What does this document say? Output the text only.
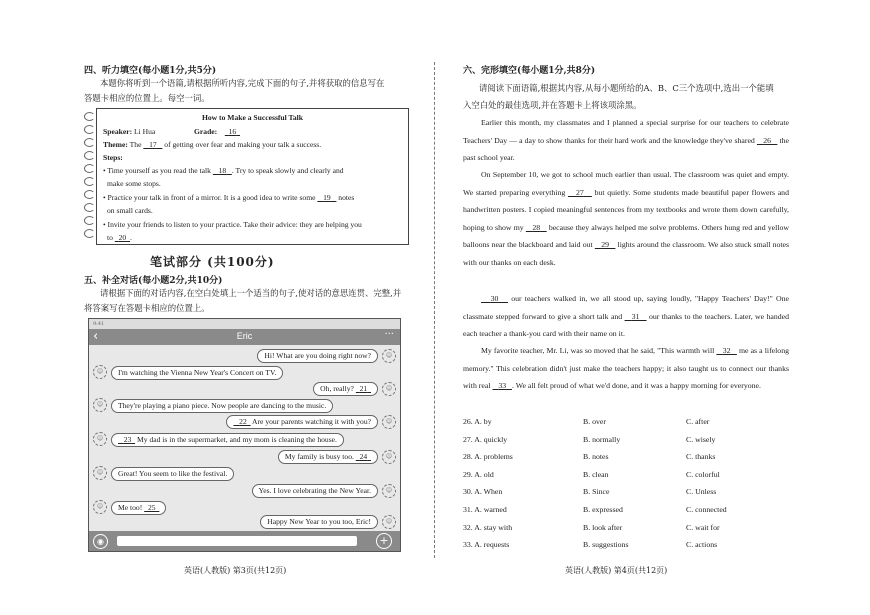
四、听力填空(每小题1分,共5分)
本题你将听到一个语篇,请根据所听内容,完成下面的句子,并将获取的信息写在
答题卡相应的位置上。每空一词。
How to Make a Successful Talk
Speaker: Li Hua	Grade: 16
Theme: The 17 of getting over fear and making your talk a success.
Steps:
• Time yourself as you read the talk 18 . Try to speak slowly and clearly and
make some stops.
• Practice your talk in front of a mirror. It is a good idea to write some 19 notes
on small cards.
• Invite your friends to listen to your practice. Take their advice: they are helping you
to 20 .
笔试部分 (共100分)
五、补全对话(每小题2分,共10分)
请根据下面的对话内容,在空白处填上一个适当的句子,使对话的意思连贯、完整,并
将答案写在答题卡相应的位置上。
9:41
‹	Eric	···
Hi! What are you doing right now?	☺
☺	I'm watching the Vienna New Year's Concert on TV.
Oh, really? 21	☺
☺	They're playing a piano piece. Now people are dancing to the music.
22 Are your parents watching it with you?	☺
☺	23 My dad is in the supermarket, and my mom is cleaning the house.
My family is busy too. 24	☺
☺	Great! You seem to like the festival.
Yes. I love celebrating the New Year.	☺
☺	Me too! 25
Happy New Year to you too, Eric!	☺
◉	+
英语(人教版) 第3页(共12页)
六、完形填空(每小题1分,共8分)
请阅读下面语篇,根据其内容,从每小题所给的A、B、C三个选项中,选出一个能填
入空白处的最佳选项,并在答题卡上将该项涂黑。
Earlier this month, my classmates and I planned a special surprise for our teachers to celebrate Teachers' Day — a day to show thanks for their hard work and the knowledge they've shared 26 the past school year.
On September 10, we got to school much earlier than usual. The classroom was quiet and empty. We started preparing everything 27 but quietly. Some students made beautiful paper flowers and handwritten posters. I copied meaningful sentences from my textbooks and wrote them down carefully, hoping to show my 28 because they always helped me solve problems. Others hung red and yellow balloons near the blackboard and laid out 29 lights around the classroom. We also stuck small notes with our thanks on each desk.
30 our teachers walked in, we all stood up, saying loudly, "Happy Teachers' Day!" One classmate stepped forward to give a short talk and 31 our thanks to the teachers. Later, we handed each teacher a thank-you card with their name on it.
My favorite teacher, Mr. Li, was so moved that he said, "This warmth will 32 me as a lifelong memory." This celebration didn't just make the teachers happy; it also taught us to connect our thanks with real 33 . We all felt proud of what we'd done, and it was a happy morning for everyone.
26. A. by	B. over	C. after
27. A. quickly	B. normally	C. wisely
28. A. problems	B. notes	C. thanks
29. A. old	B. clean	C. colorful
30. A. When	B. Since	C. Unless
31. A. warned	B. expressed	C. connected
32. A. stay with	B. look after	C. wait for
33. A. requests	B. suggestions	C. actions
英语(人教版) 第4页(共12页)
